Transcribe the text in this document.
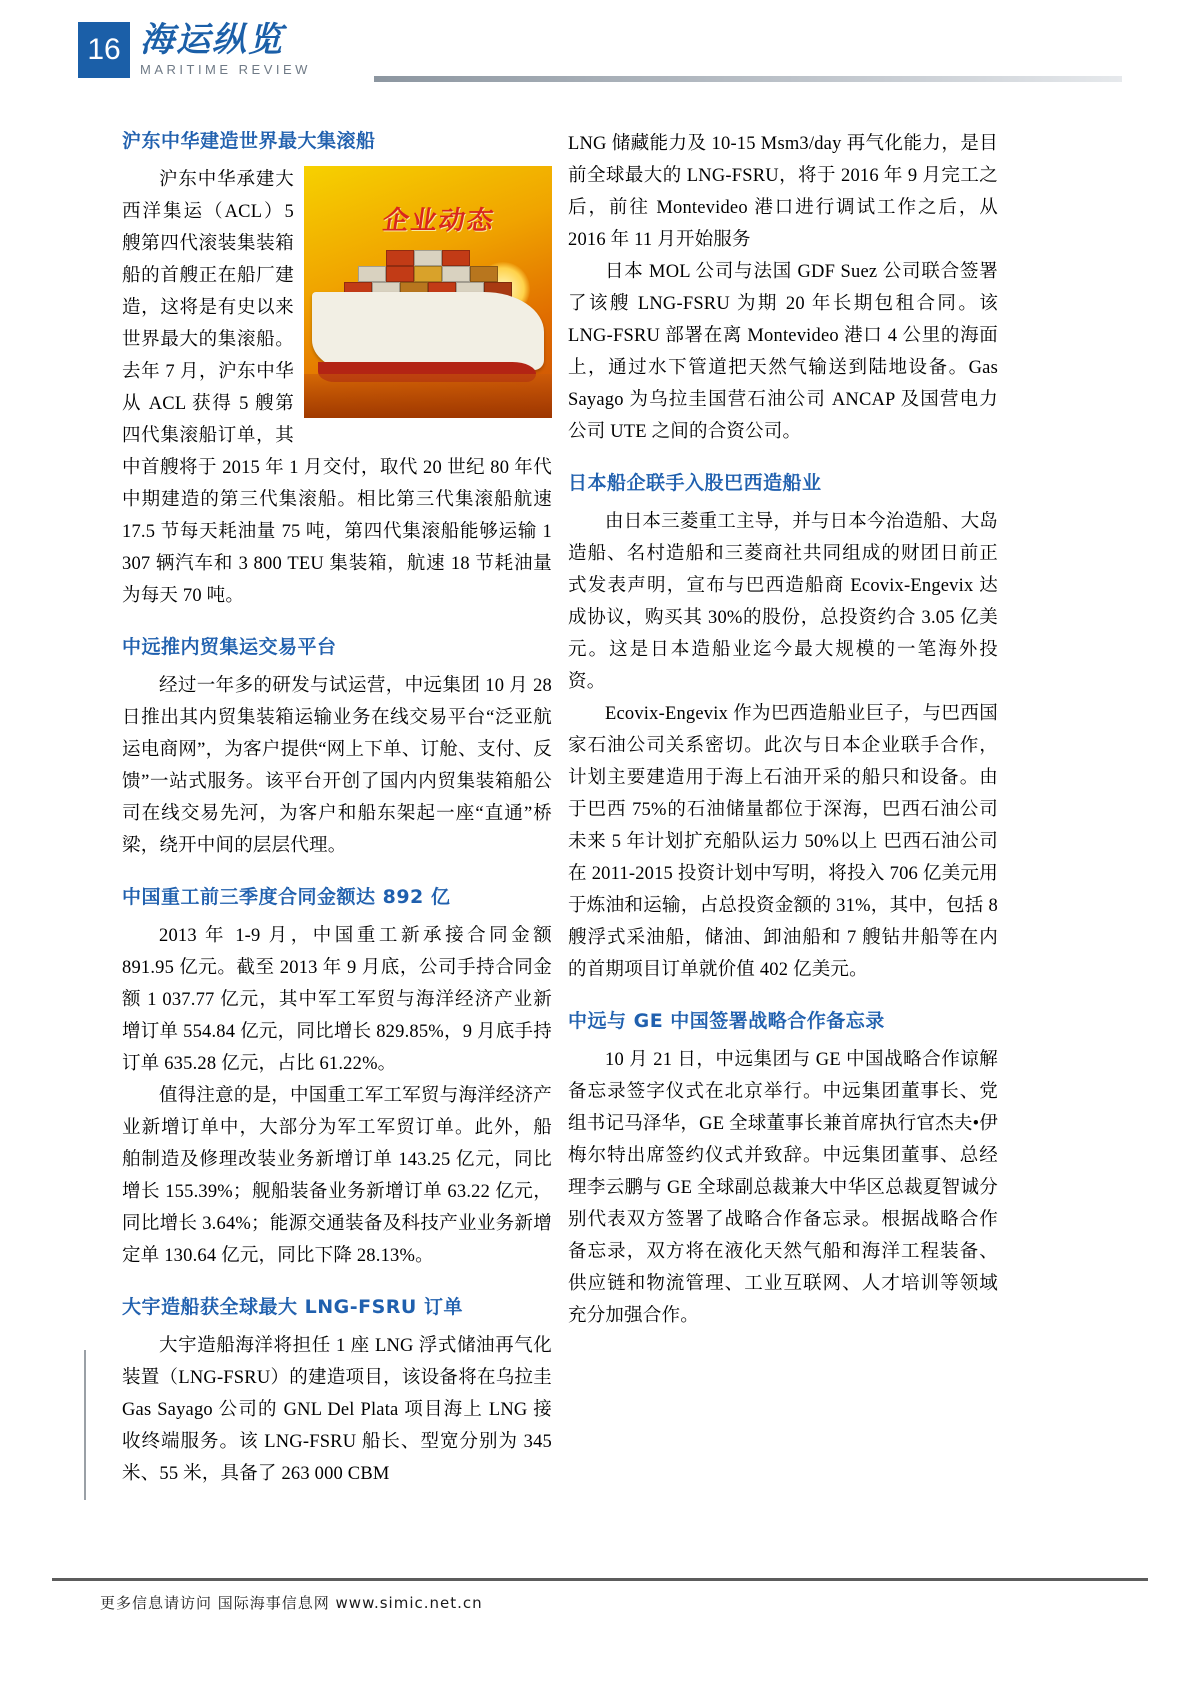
16 海运纵览
MARITIME REVIEW
沪东中华建造世界最大集滚船
企业动态

沪东中华承建大西洋集运（ACL）5 艘第四代滚装集装箱船的首艘正在船厂建造，这将是有史以来世界最大的集滚船。去年 7 月，沪东中华从 ACL 获得 5 艘第四代集滚船订单，其中首艘将于 2015 年 1 月交付，取代 20 世纪 80 年代中期建造的第三代集滚船。相比第三代集滚船航速 17.5 节每天耗油量 75 吨，第四代集滚船能够运输 1 307 辆汽车和 3 800 TEU 集装箱，航速 18 节耗油量为每天 70 吨。

中远推内贸集运交易平台

经过一年多的研发与试运营，中远集团 10 月 28 日推出其内贸集装箱运输业务在线交易平台“泛亚航运电商网”，为客户提供“网上下单、订舱、支付、反馈”一站式服务。该平台开创了国内内贸集装箱船公司在线交易先河，为客户和船东架起一座“直通”桥梁，绕开中间的层层代理。

中国重工前三季度合同金额达 892 亿

2013 年 1-9 月，中国重工新承接合同金额 891.95 亿元。截至 2013 年 9 月底，公司手持合同金额 1 037.77 亿元，其中军工军贸与海洋经济产业新增订单 554.84 亿元，同比增长 829.85%，9 月底手持订单 635.28 亿元，占比 61.22%。

值得注意的是，中国重工军工军贸与海洋经济产业新增订单中，大部分为军工军贸订单。此外，船舶制造及修理改装业务新增订单 143.25 亿元，同比增长 155.39%；舰船装备业务新增订单 63.22 亿元，同比增长 3.64%；能源交通装备及科技产业业务新增定单 130.64 亿元，同比下降 28.13%。

大宇造船获全球最大 LNG-FSRU 订单

大宇造船海洋将担任 1 座 LNG 浮式储油再气化装置（LNG-FSRU）的建造项目，该设备将在乌拉圭 Gas Sayago 公司的 GNL Del Plata 项目海上 LNG 接收终端服务。该 LNG-FSRU 船长、型宽分别为 345 米、55 米，具备了 263 000 CBM

LNG 储藏能力及 10-15 Msm3/day 再气化能力，是目前全球最大的 LNG-FSRU，将于 2016 年 9 月完工之后，前往 Montevideo 港口进行调试工作之后，从 2016 年 11 月开始服务

日本 MOL 公司与法国 GDF Suez 公司联合签署了该艘 LNG-FSRU 为期 20 年长期包租合同。该 LNG-FSRU 部署在离 Montevideo 港口 4 公里的海面上，通过水下管道把天然气输送到陆地设备。Gas Sayago 为乌拉圭国营石油公司 ANCAP 及国营电力公司 UTE 之间的合资公司。

日本船企联手入股巴西造船业

由日本三菱重工主导，并与日本今治造船、大岛造船、名村造船和三菱商社共同组成的财团日前正式发表声明，宣布与巴西造船商 Ecovix-Engevix 达成协议，购买其 30%的股份，总投资约合 3.05 亿美元。这是日本造船业迄今最大规模的一笔海外投资。

Ecovix-Engevix 作为巴西造船业巨子，与巴西国家石油公司关系密切。此次与日本企业联手合作，计划主要建造用于海上石油开采的船只和设备。由于巴西 75%的石油储量都位于深海，巴西石油公司未来 5 年计划扩充船队运力 50%以上 巴西石油公司在 2011-2015 投资计划中写明，将投入 706 亿美元用于炼油和运输，占总投资金额的 31%，其中，包括 8 艘浮式采油船，储油、卸油船和 7 艘钻井船等在内的首期项目订单就价值 402 亿美元。

中远与 GE 中国签署战略合作备忘录

10 月 21 日，中远集团与 GE 中国战略合作谅解备忘录签字仪式在北京举行。中远集团董事长、党组书记马泽华，GE 全球董事长兼首席执行官杰夫•伊梅尔特出席签约仪式并致辞。中远集团董事、总经理李云鹏与 GE 全球副总裁兼大中华区总裁夏智诚分别代表双方签署了战略合作备忘录。根据战略合作备忘录，双方将在液化天然气船和海洋工程装备、供应链和物流管理、工业互联网、人才培训等领域充分加强合作。

更多信息请访问 国际海事信息网 www.simic.net.cn
